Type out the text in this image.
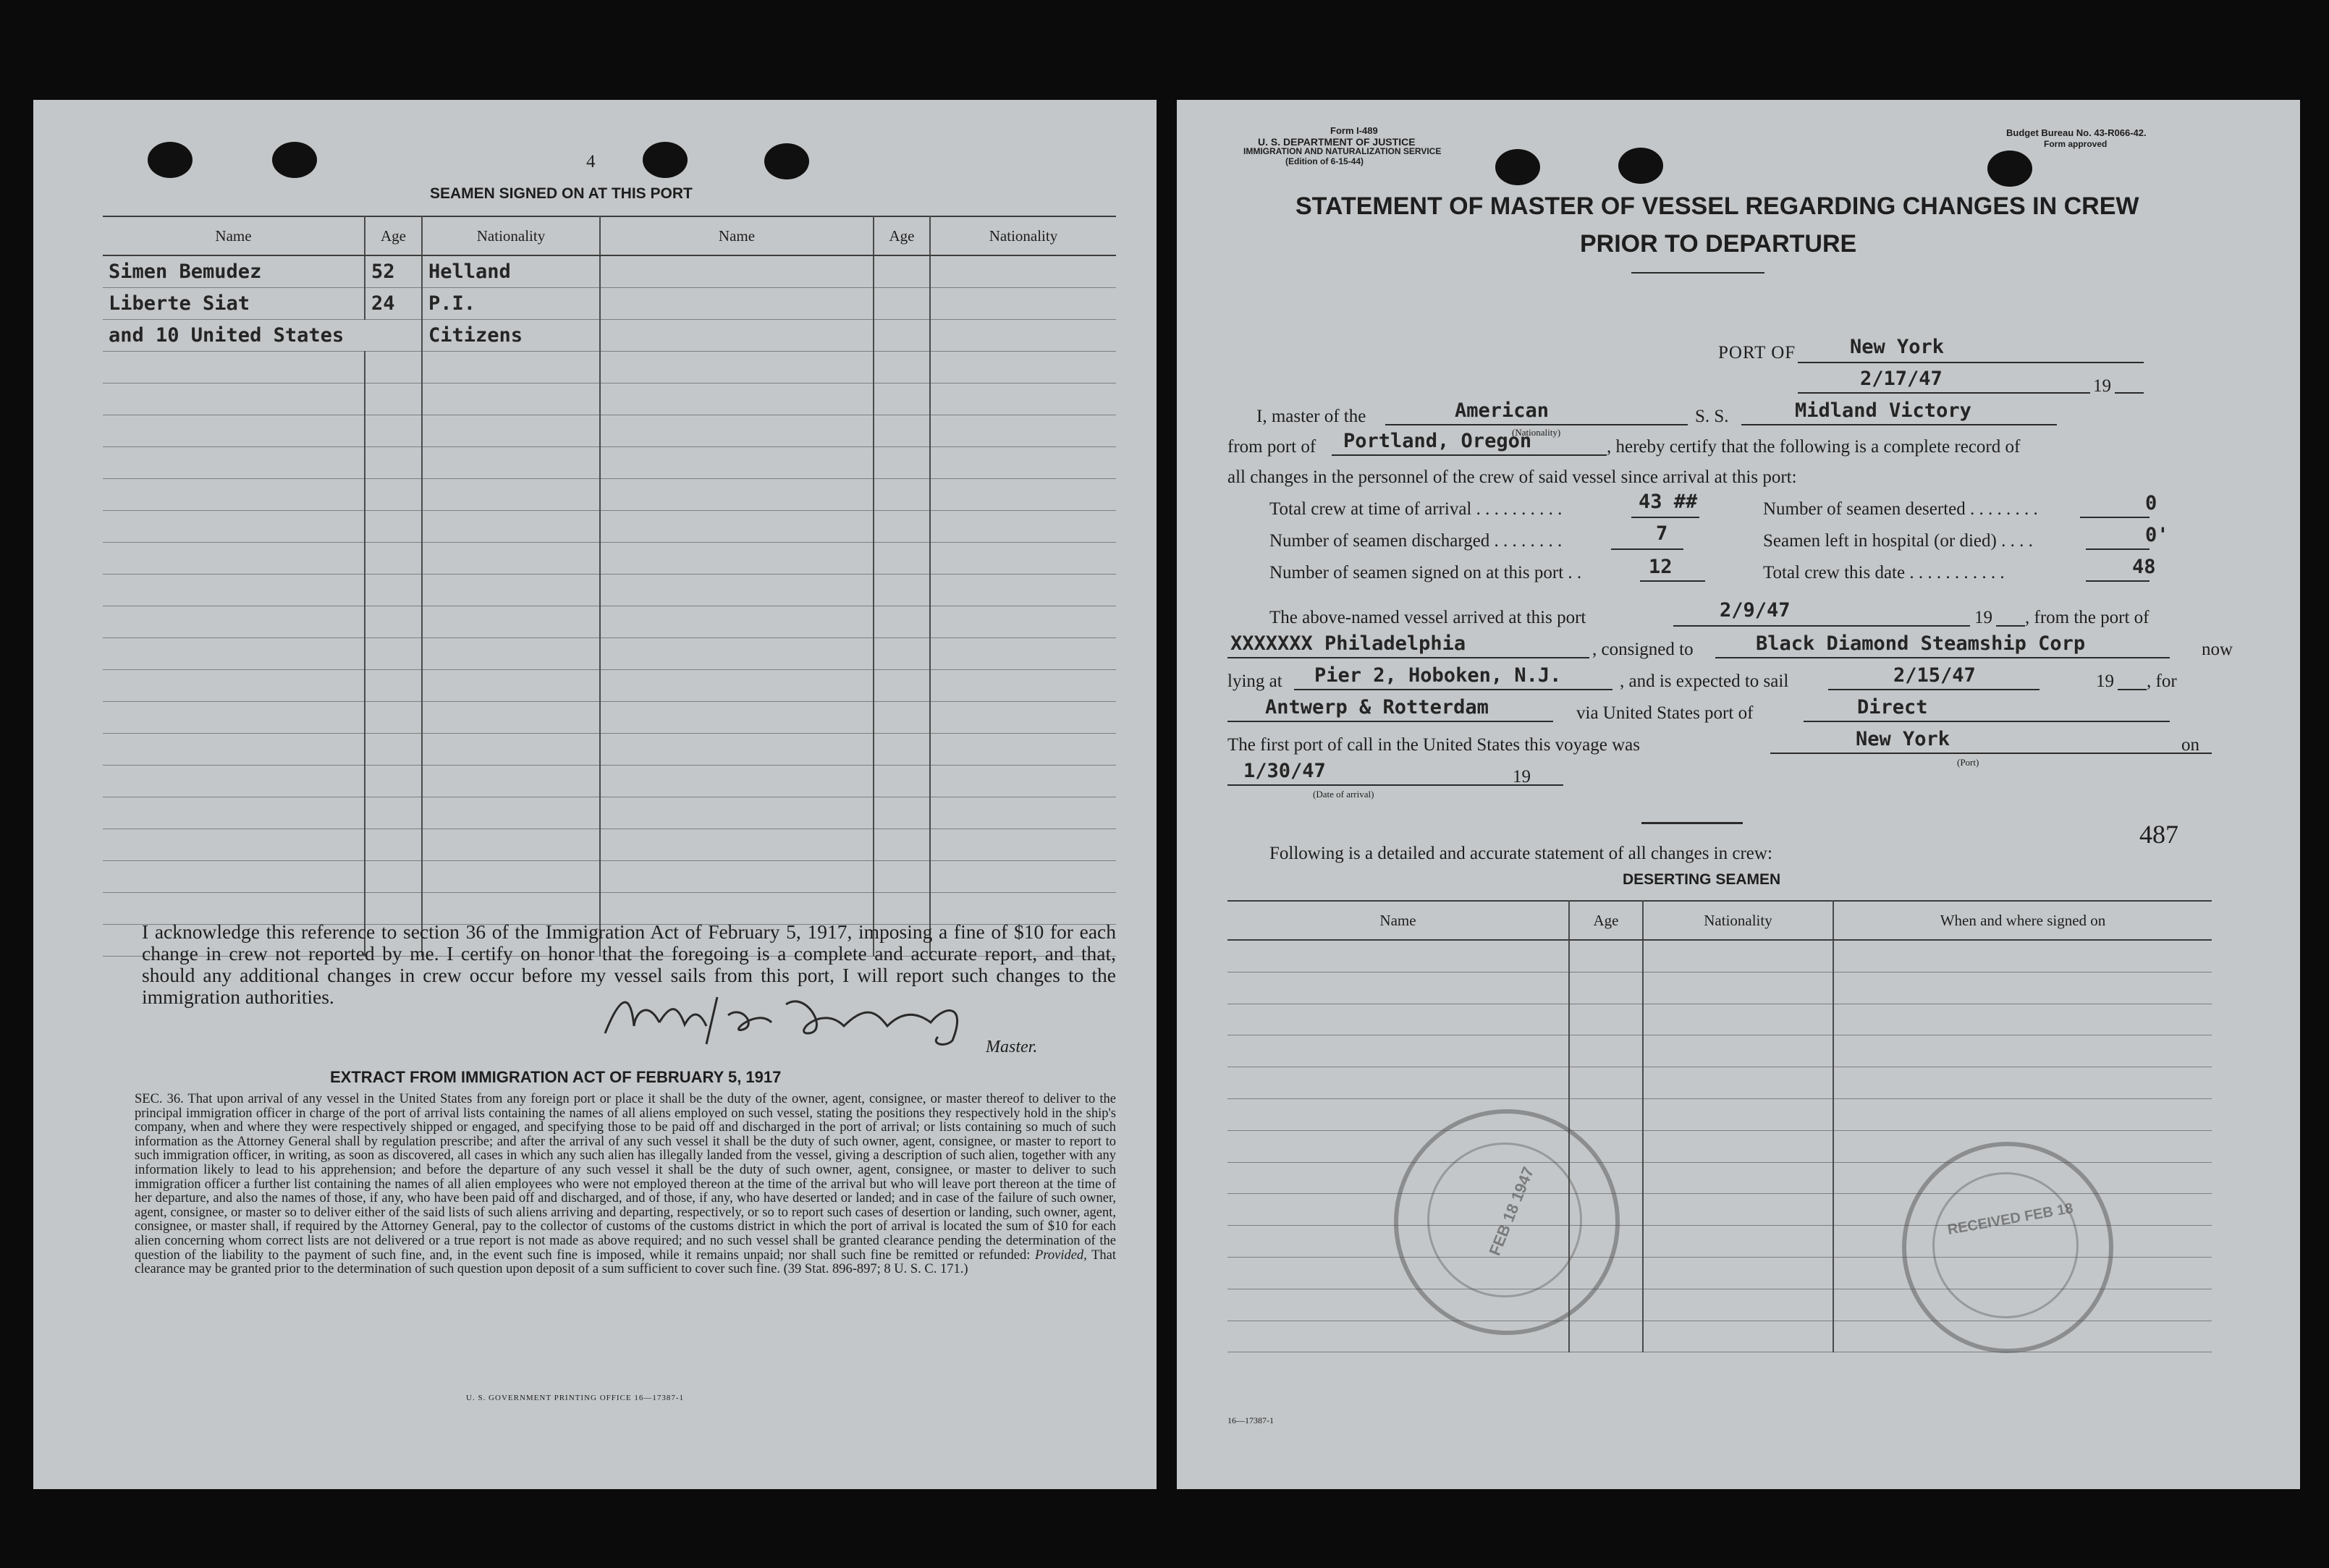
4
SEAMEN SIGNED ON AT THIS PORT
Name	Age	Nationality	Name	Age	Nationality
Simen Bemudez	52	Helland			
Liberte Siat	24	P.I.			
and 10 United States		Citizens			

I acknowledge this reference to section 36 of the Immigration Act of February 5, 1917, imposing a fine of $10 for each change in crew not reported by me. I certify on honor that the foregoing is a complete and accurate report, and that, should any additional changes in crew occur before my vessel sails from this port, I will report such changes to the immigration authorities.
Master.
EXTRACT FROM IMMIGRATION ACT OF FEBRUARY 5, 1917
SEC. 36. That upon arrival of any vessel in the United States from any foreign port or place it shall be the duty of the owner, agent, consignee, or master thereof to deliver to the principal immigration officer in charge of the port of arrival lists containing the names of all aliens employed on such vessel, stating the positions they respectively hold in the ship's company, when and where they were respectively shipped or engaged, and specifying those to be paid off and discharged in the port of arrival; or lists containing so much of such information as the Attorney General shall by regulation prescribe; and after the arrival of any such vessel it shall be the duty of such owner, agent, consignee, or master to report to such immigration officer, in writing, as soon as discovered, all cases in which any such alien has illegally landed from the vessel, giving a description of such alien, together with any information likely to lead to his apprehension; and before the departure of any such vessel it shall be the duty of such owner, agent, consignee, or master to deliver to such immigration officer a further list containing the names of all alien employees who were not employed thereon at the time of the arrival but who will leave port thereon at the time of her departure, and also the names of those, if any, who have been paid off and discharged, and of those, if any, who have deserted or landed; and in case of the failure of such owner, agent, consignee, or master so to deliver either of the said lists of such aliens arriving and departing, respectively, or so to report such cases of desertion or landing, such owner, agent, consignee, or master shall, if required by the Attorney General, pay to the collector of customs of the customs district in which the port of arrival is located the sum of $10 for each alien concerning whom correct lists are not delivered or a true report is not made as above required; and no such vessel shall be granted clearance pending the determination of the question of the liability to the payment of such fine, and, in the event such fine is imposed, while it remains unpaid; nor shall such fine be remitted or refunded: Provided, That clearance may be granted prior to the determination of such question upon deposit of a sum sufficient to cover such fine. (39 Stat. 896-897; 8 U. S. C. 171.)
U. S. GOVERNMENT PRINTING OFFICE 16—17387-1
Form I-489
U. S. DEPARTMENT OF JUSTICE
IMMIGRATION AND NATURALIZATION SERVICE
(Edition of 6-15-44)
Budget Bureau No. 43-R066-42.
Form approved
STATEMENT OF MASTER OF VESSEL REGARDING CHANGES IN CREW
PRIOR TO DEPARTURE
PORT OF	New York
2/17/47	19
I, master of the	American
(Nationality)
S. S.	Midland Victory
from port of Portland, Oregon	, hereby certify that the following is a complete record of
all changes in the personnel of the crew of said vessel since arrival at this port:
Total crew at time of arrival . . . . . . . . . .	43 ##	Number of seamen deserted . . . . . . . .	0
Number of seamen discharged . . . . . . . .	7	Seamen left in hospital (or died) . . . .	0'
Number of seamen signed on at this port . .	12	Total crew this date . . . . . . . . . . .	48
The above-named vessel arrived at this port	2/9/47	19 , from the port of
XXXXXXX Philadelphia	, consigned to	Black Diamond Steamship Corp	now
lying at Pier 2, Hoboken, N.J.	, and is expected to sail	2/15/47	19 , for
Antwerp & Rotterdam	via United States port of	Direct
The first port of call in the United States this voyage was	New York
(Port)
on
1/30/47
(Date of arrival)
19
487
Following is a detailed and accurate statement of all changes in crew:
DESERTING SEAMEN
Name	Age	Nationality	When and where signed on

FEB 18 1947	RECEIVED FEB 18
16—17387-1
